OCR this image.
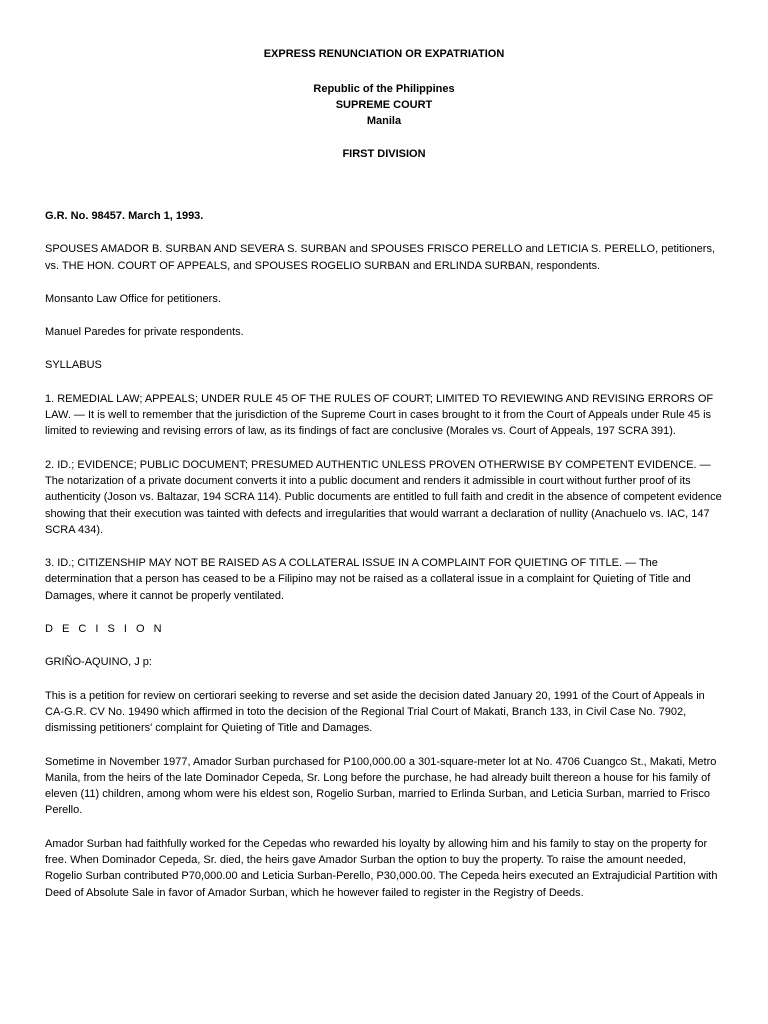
EXPRESS RENUNCIATION OR EXPATRIATION

Republic of the Philippines
SUPREME COURT
Manila
FIRST DIVISION

G.R. No. 98457. March 1, 1993.

SPOUSES AMADOR B. SURBAN AND SEVERA S. SURBAN and SPOUSES FRISCO PERELLO and LETICIA S. PERELLO, petitioners, vs. THE HON. COURT OF APPEALS, and SPOUSES ROGELIO SURBAN and ERLINDA SURBAN, respondents.

Monsanto Law Office for petitioners.

Manuel Paredes for private respondents.

SYLLABUS

1. REMEDIAL LAW; APPEALS; UNDER RULE 45 OF THE RULES OF COURT; LIMITED TO REVIEWING AND REVISING ERRORS OF LAW. — It is well to remember that the jurisdiction of the Supreme Court in cases brought to it from the Court of Appeals under Rule 45 is limited to reviewing and revising errors of law, as its findings of fact are conclusive (Morales vs. Court of Appeals, 197 SCRA 391).

2. ID.; EVIDENCE; PUBLIC DOCUMENT; PRESUMED AUTHENTIC UNLESS PROVEN OTHERWISE BY COMPETENT EVIDENCE. — The notarization of a private document converts it into a public document and renders it admissible in court without further proof of its authenticity (Joson vs. Baltazar, 194 SCRA 114). Public documents are entitled to full faith and credit in the absence of competent evidence showing that their execution was tainted with defects and irregularities that would warrant a declaration of nullity (Anachuelo vs. IAC, 147 SCRA 434).

3. ID.; CITIZENSHIP MAY NOT BE RAISED AS A COLLATERAL ISSUE IN A COMPLAINT FOR QUIETING OF TITLE. — The determination that a person has ceased to be a Filipino may not be raised as a collateral issue in a complaint for Quieting of Title and Damages, where it cannot be properly ventilated.

D E C I S I O N

GRIÑO-AQUINO, J p:

This is a petition for review on certiorari seeking to reverse and set aside the decision dated January 20, 1991 of the Court of Appeals in CA-G.R. CV No. 19490 which affirmed in toto the decision of the Regional Trial Court of Makati, Branch 133, in Civil Case No. 7902, dismissing petitioners' complaint for Quieting of Title and Damages.

Sometime in November 1977, Amador Surban purchased for P100,000.00 a 301-square-meter lot at No. 4706 Cuangco St., Makati, Metro Manila, from the heirs of the late Dominador Cepeda, Sr. Long before the purchase, he had already built thereon a house for his family of eleven (11) children, among whom were his eldest son, Rogelio Surban, married to Erlinda Surban, and Leticia Surban, married to Frisco Perello.

Amador Surban had faithfully worked for the Cepedas who rewarded his loyalty by allowing him and his family to stay on the property for free. When Dominador Cepeda, Sr. died, the heirs gave Amador Surban the option to buy the property. To raise the amount needed, Rogelio Surban contributed P70,000.00 and Leticia Surban-Perello, P30,000.00. The Cepeda heirs executed an Extrajudicial Partition with Deed of Absolute Sale in favor of Amador Surban, which he however failed to register in the Registry of Deeds.
